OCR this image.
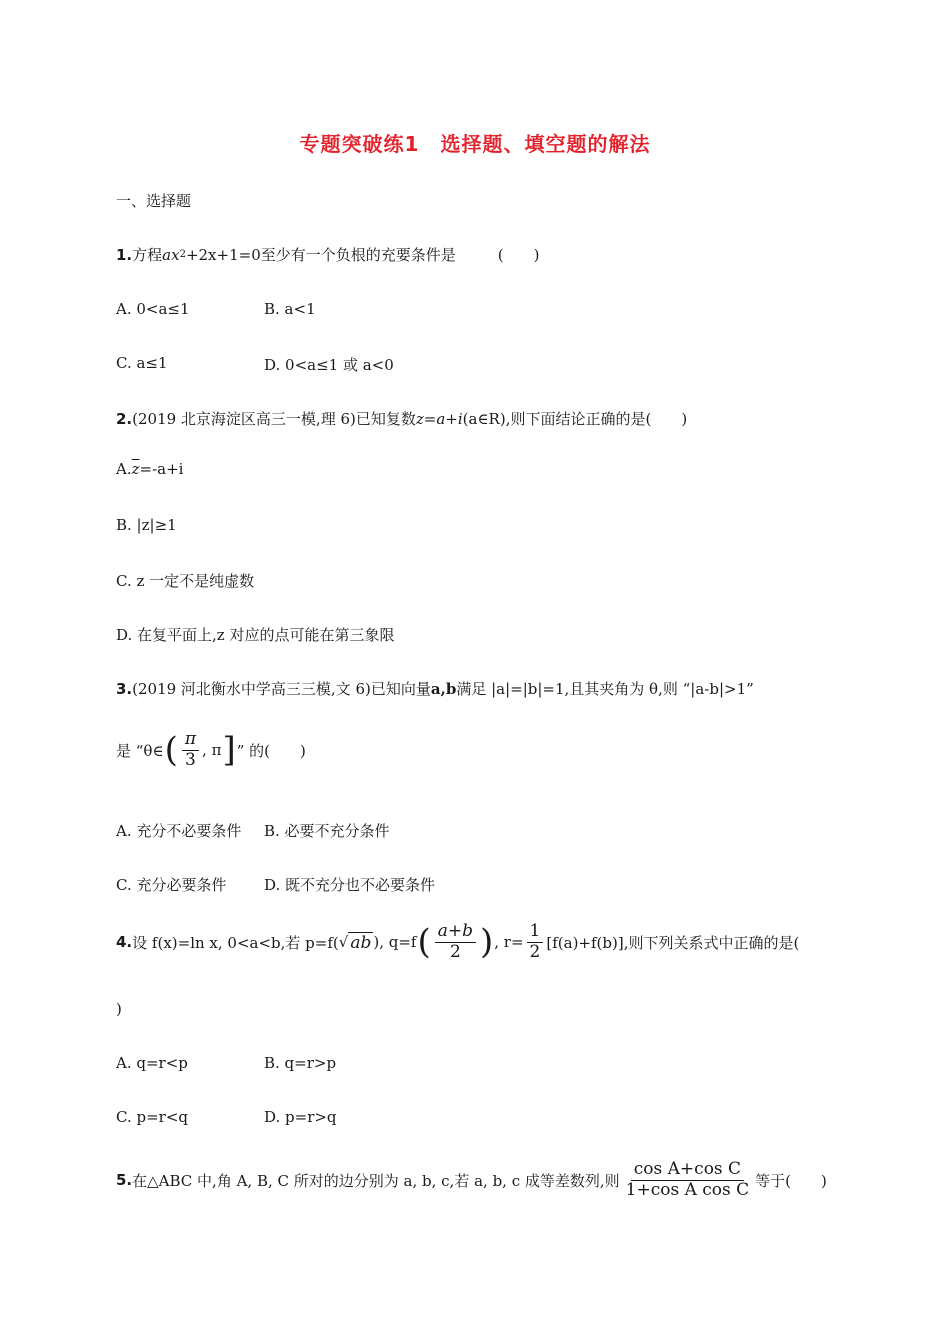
专题突破练1　选择题、填空题的解法
一、选择题
1. 方程 ax 2 +2x+1=0 至少有一个负根的充要条件是	(　　)
A. 0<a≤1	B. a<1
C. a≤1	D. 0<a≤1 或 a<0
2. (2019 北京海淀区高三一模,理 6)已知复数 z=a+i (a∈R),则下面结论正确的是(　　)
A. $\overline{z} =-a+i$
B. |z|≥1
C. z 一定不是纯虚数
D. 在复平面上,z 对应的点可能在第三象限
3. (2019 河北衡水中学高三三模,文 6)已知向量 a,b 满足 |a|=|b|=1,且其夹角为 θ,则 “|a-b|>1”
是 “θ∈ ( $\frac{\pi}{3}$ , π ] ” 的(　　)
A. 充分不必要条件 B. 必要不充分条件
C. 充分必要条件	D. 既不充分也不必要条件
4. 设 f(x)=ln x, 0<a<b,若 p=f( √ ab ), q=f ( $\frac{a+b}{2}$ ) , $r= \frac{1}{2} [f(a)+f(b)]$,则下列关系式中正确的是(
)
A. q=r<p	B. q=r>p
C. p=r<q	D. p=r>q
5. 在△ABC 中,角 A, B, C 所对的边分别为 a, b, c,若 a, b, c 成等差数列,则 $\frac{\text{cos A+cos C}}{\text{1+cos A cos C}}$ 等于(　　)
